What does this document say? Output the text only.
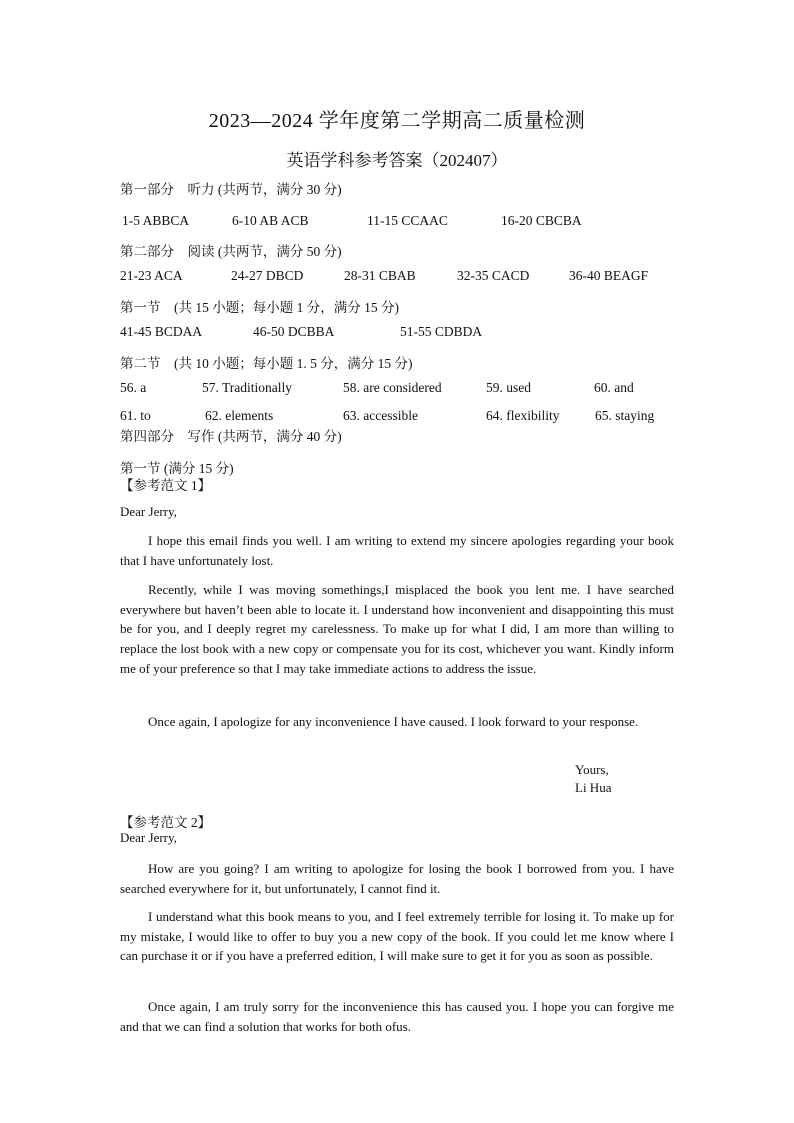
2023—2024 学年度第二学期高二质量检测
英语学科参考答案（202407）
第一部分　听力 (共两节，满分 30 分)
1-5 ABBCA	6-10 AB ACB	11-15 CCAAC	16-20 CBCBA
第二部分　阅读 (共两节，满分 50 分)
21-23 ACA	24-27 DBCD	28-31 CBAB	32-35 CACD	36-40 BEAGF
第一节　(共 15 小题；每小题 1 分，满分 15 分)
41-45 BCDAA	46-50 DCBBA	51-55 CDBDA
第二节　(共 10 小题；每小题 1. 5 分，满分 15 分)
56. a	57. Traditionally	58. are considered	59. used	60. and
61. to	62. elements	63. accessible	64. flexibility	65. staying
第四部分　写作 (共两节，满分 40 分)
第一节 (满分 15 分)
【参考范文 1】
Dear Jerry,
I hope this email finds you well. I am writing to extend my sincere apologies regarding your book that I have unfortunately lost.
Recently, while I was moving somethings,I misplaced the book you lent me. I have searched everywhere but haven’t been able to locate it. I understand how inconvenient and disappointing this must be for you, and I deeply regret my carelessness. To make up for what I did, I am more than willing to replace the lost book with a new copy or compensate you for its cost, whichever you want. Kindly inform me of your preference so that I may take immediate actions to address the issue.
Once again, I apologize for any inconvenience I have caused. I look forward to your response.
Yours,
Li Hua
【参考范文 2】
Dear Jerry,
How are you going? I am writing to apologize for losing the book I borrowed from you. I have searched everywhere for it, but unfortunately, I cannot find it.
I understand what this book means to you, and I feel extremely terrible for losing it. To make up for my mistake, I would like to offer to buy you a new copy of the book. If you could let me know where I can purchase it or if you have a preferred edition, I will make sure to get it for you as soon as possible.
Once again, I am truly sorry for the inconvenience this has caused you. I hope you can forgive me and that we can find a solution that works for both ofus.
